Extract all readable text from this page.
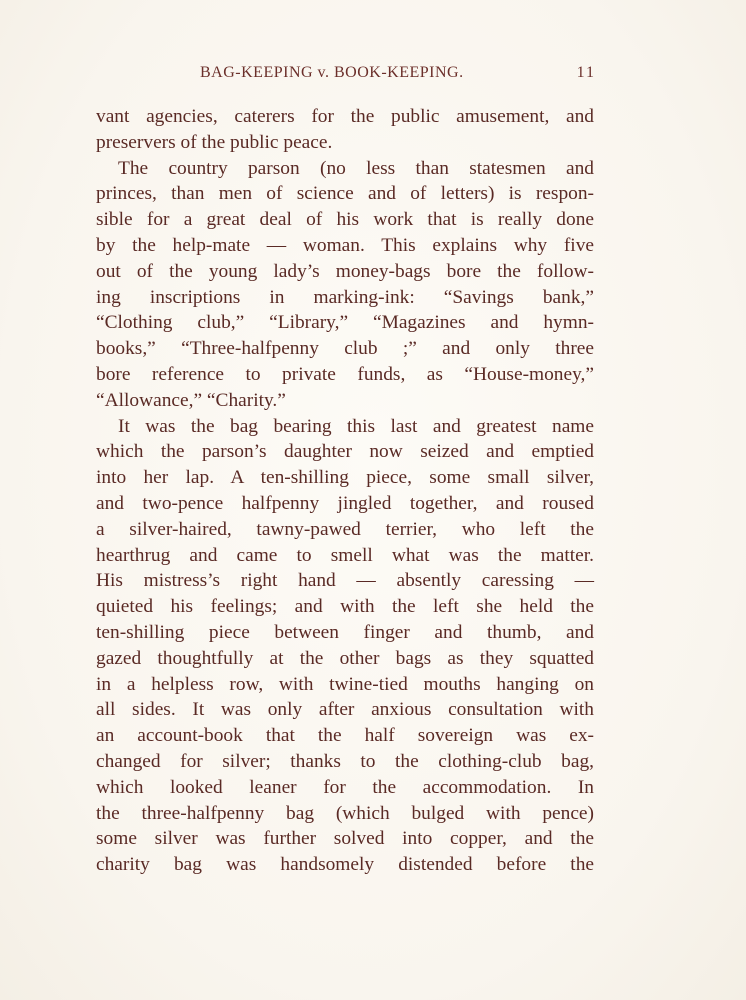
BAG-KEEPING v. BOOK-KEEPING.	11
vant agencies, caterers for the public amusement, and
preservers of the public peace.
The country parson (no less than statesmen and
princes, than men of science and of letters) is respon-
sible for a great deal of his work that is really done
by the help-mate — woman. This explains why five
out of the young lady’s money-bags bore the follow-
ing inscriptions in marking-ink: “Savings bank,”
“Clothing club,” “Library,” “Magazines and hymn-
books,” “Three-halfpenny club ;” and only three
bore reference to private funds, as “House-money,”
“Allowance,” “Charity.”
It was the bag bearing this last and greatest name
which the parson’s daughter now seized and emptied
into her lap. A ten-shilling piece, some small silver,
and two-pence halfpenny jingled together, and roused
a silver-haired, tawny-pawed terrier, who left the
hearthrug and came to smell what was the matter.
His mistress’s right hand — absently caressing —
quieted his feelings; and with the left she held the
ten-shilling piece between finger and thumb, and
gazed thoughtfully at the other bags as they squatted
in a helpless row, with twine-tied mouths hanging on
all sides. It was only after anxious consultation with
an account-book that the half sovereign was ex-
changed for silver; thanks to the clothing-club bag,
which looked leaner for the accommodation. In
the three-halfpenny bag (which bulged with pence)
some silver was further solved into copper, and the
charity bag was handsomely distended before the
